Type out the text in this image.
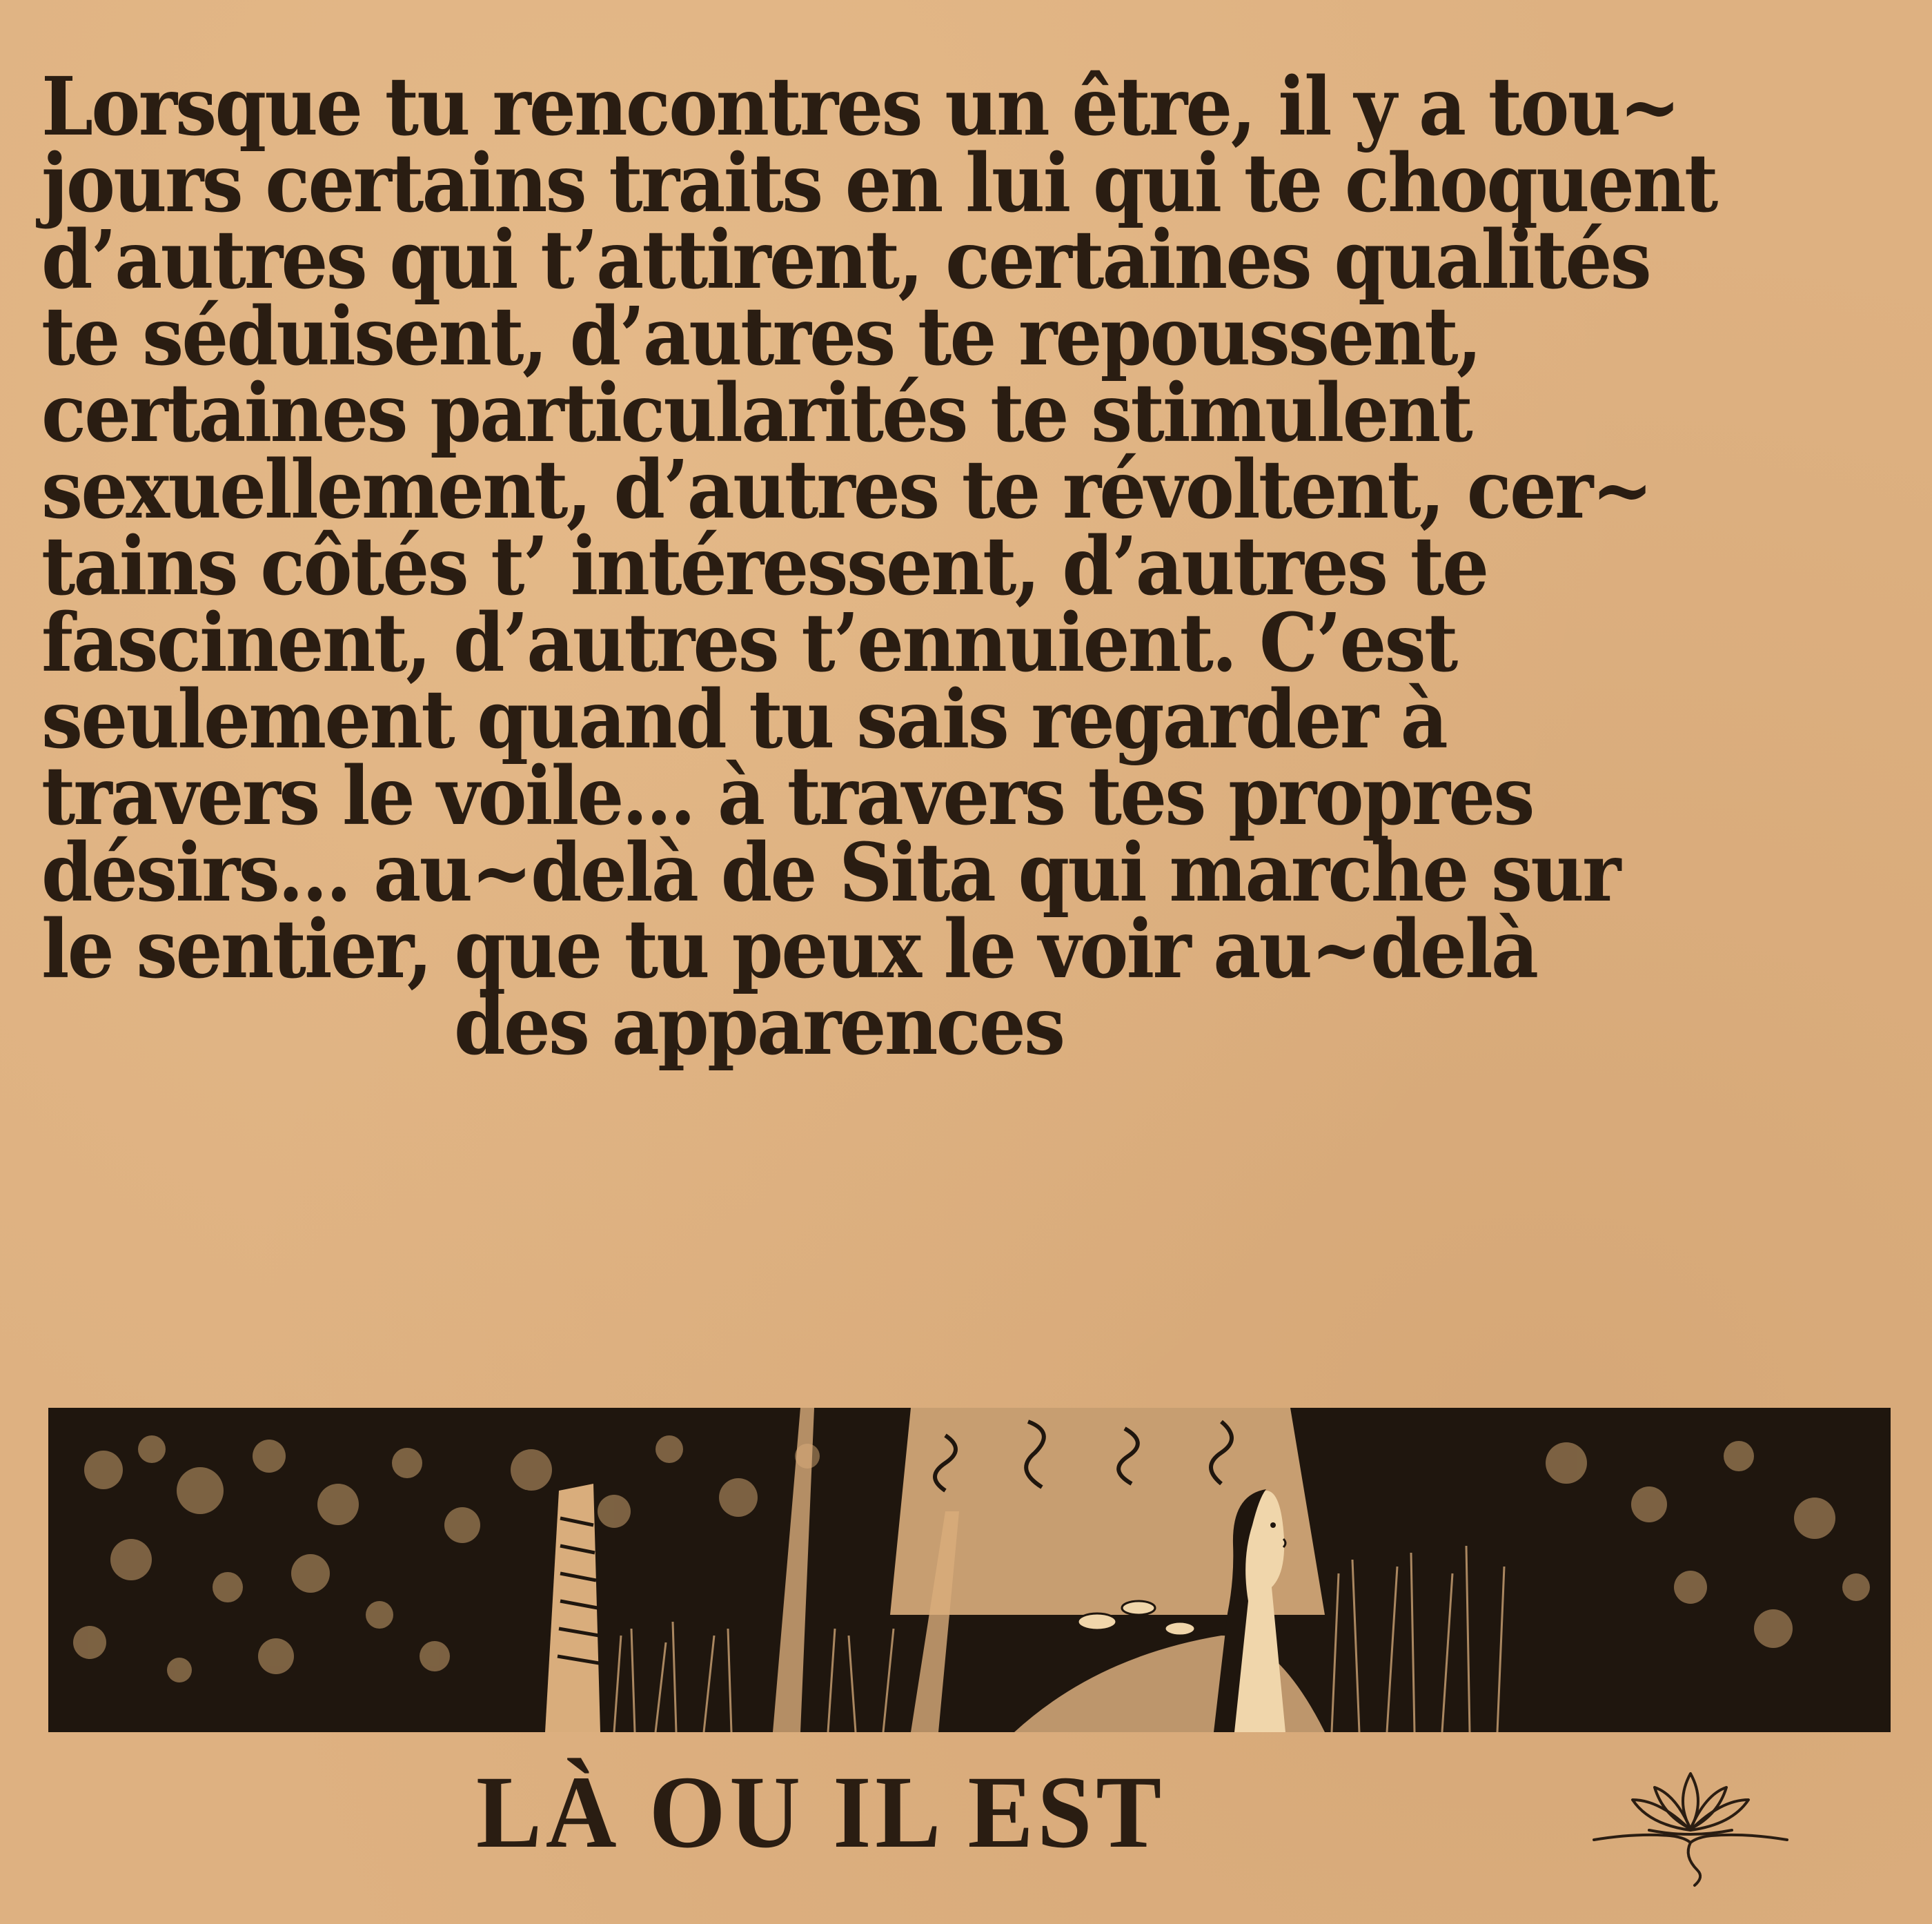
Lorsque tu rencontres un être, il y a tou~
jours certains traits en lui qui te choquent
d’autres qui t’attirent, certaines qualités
te séduisent, d’autres te repoussent,
certaines particularités te stimulent
sexuellement, d’autres te révoltent, cer~
tains côtés t’ intéressent, d’autres te
fascinent, d’autres t’ennuient. C’est
seulement quand tu sais regarder à
travers le voile… à travers tes propres
désirs… au~delà de Sita qui marche sur
le sentier, que tu peux le voir au~delà
des apparences
LÀ OU IL EST
